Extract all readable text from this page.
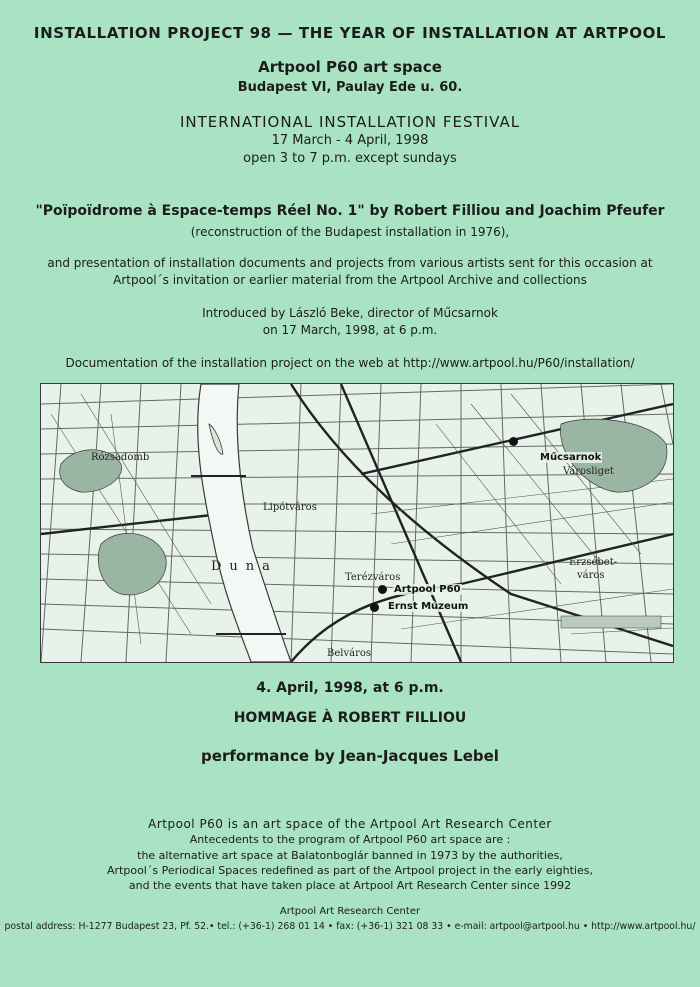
INSTALLATION PROJECT 98 — THE YEAR OF INSTALLATION AT ARTPOOL
Artpool P60 art space
Budapest VI, Paulay Ede u. 60.
INTERNATIONAL INSTALLATION FESTIVAL
17 March - 4 April, 1998
open 3 to 7 p.m. except sundays
"Poïpoïdrome à Espace-temps Réel No. 1" by Robert Filliou and Joachim Pfeufer
(reconstruction of the Budapest installation in 1976),
and presentation of installation documents and projects from various artists sent for this occasion at
Artpool´s invitation or earlier material from the Artpool Archive and collections
Introduced by László Beke, director of Műcsarnok
on 17 March, 1998, at 6 p.m.
Documentation of the installation project on the web at http://www.artpool.hu/P60/installation/
Duna
Terézváros
Erzsébet-
város
Lipótváros
Belváros
Rózsadomb
Városliget
Műcsarnok
Artpool P60
Ernst Múzeum
4. April, 1998, at 6 p.m.
HOMMAGE À ROBERT FILLIOU
performance by Jean-Jacques Lebel
Artpool P60 is an art space of the Artpool Art Research Center
Antecedents to the program of Artpool P60 art space are :
the alternative art space at Balatonboglár banned in 1973 by the authorities,
Artpool´s Periodical Spaces redefined as part of the Artpool project in the early eighties,
and the events that have taken place at Artpool Art Research Center since 1992
Artpool Art Research Center
postal address: H-1277 Budapest 23, Pf. 52.• tel.: (+36-1) 268 01 14 • fax: (+36-1) 321 08 33 • e-mail: artpool@artpool.hu • http://www.artpool.hu/
